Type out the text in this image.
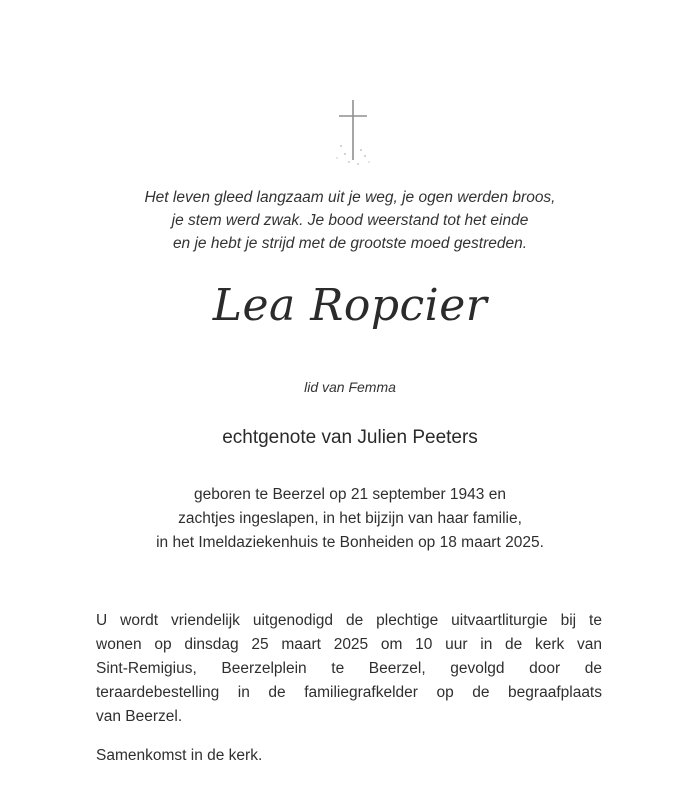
Het leven gleed langzaam uit je weg, je ogen werden broos,
je stem werd zwak. Je bood weerstand tot het einde
en je hebt je strijd met de grootste moed gestreden.
Lea Ropcier
lid van Femma
echtgenote van Julien Peeters
geboren te Beerzel op 21 september 1943 en
zachtjes ingeslapen, in het bijzijn van haar familie,
in het Imeldaziekenhuis te Bonheiden op 18 maart 2025.
U wordt vriendelijk uitgenodigd de plechtige uitvaartliturgie bij te
wonen op dinsdag 25 maart 2025 om 10 uur in de kerk van
Sint-Remigius, Beerzelplein te Beerzel, gevolgd door de
teraardebestelling in de familiegrafkelder op de begraafplaats
van Beerzel.
Samenkomst in de kerk.
